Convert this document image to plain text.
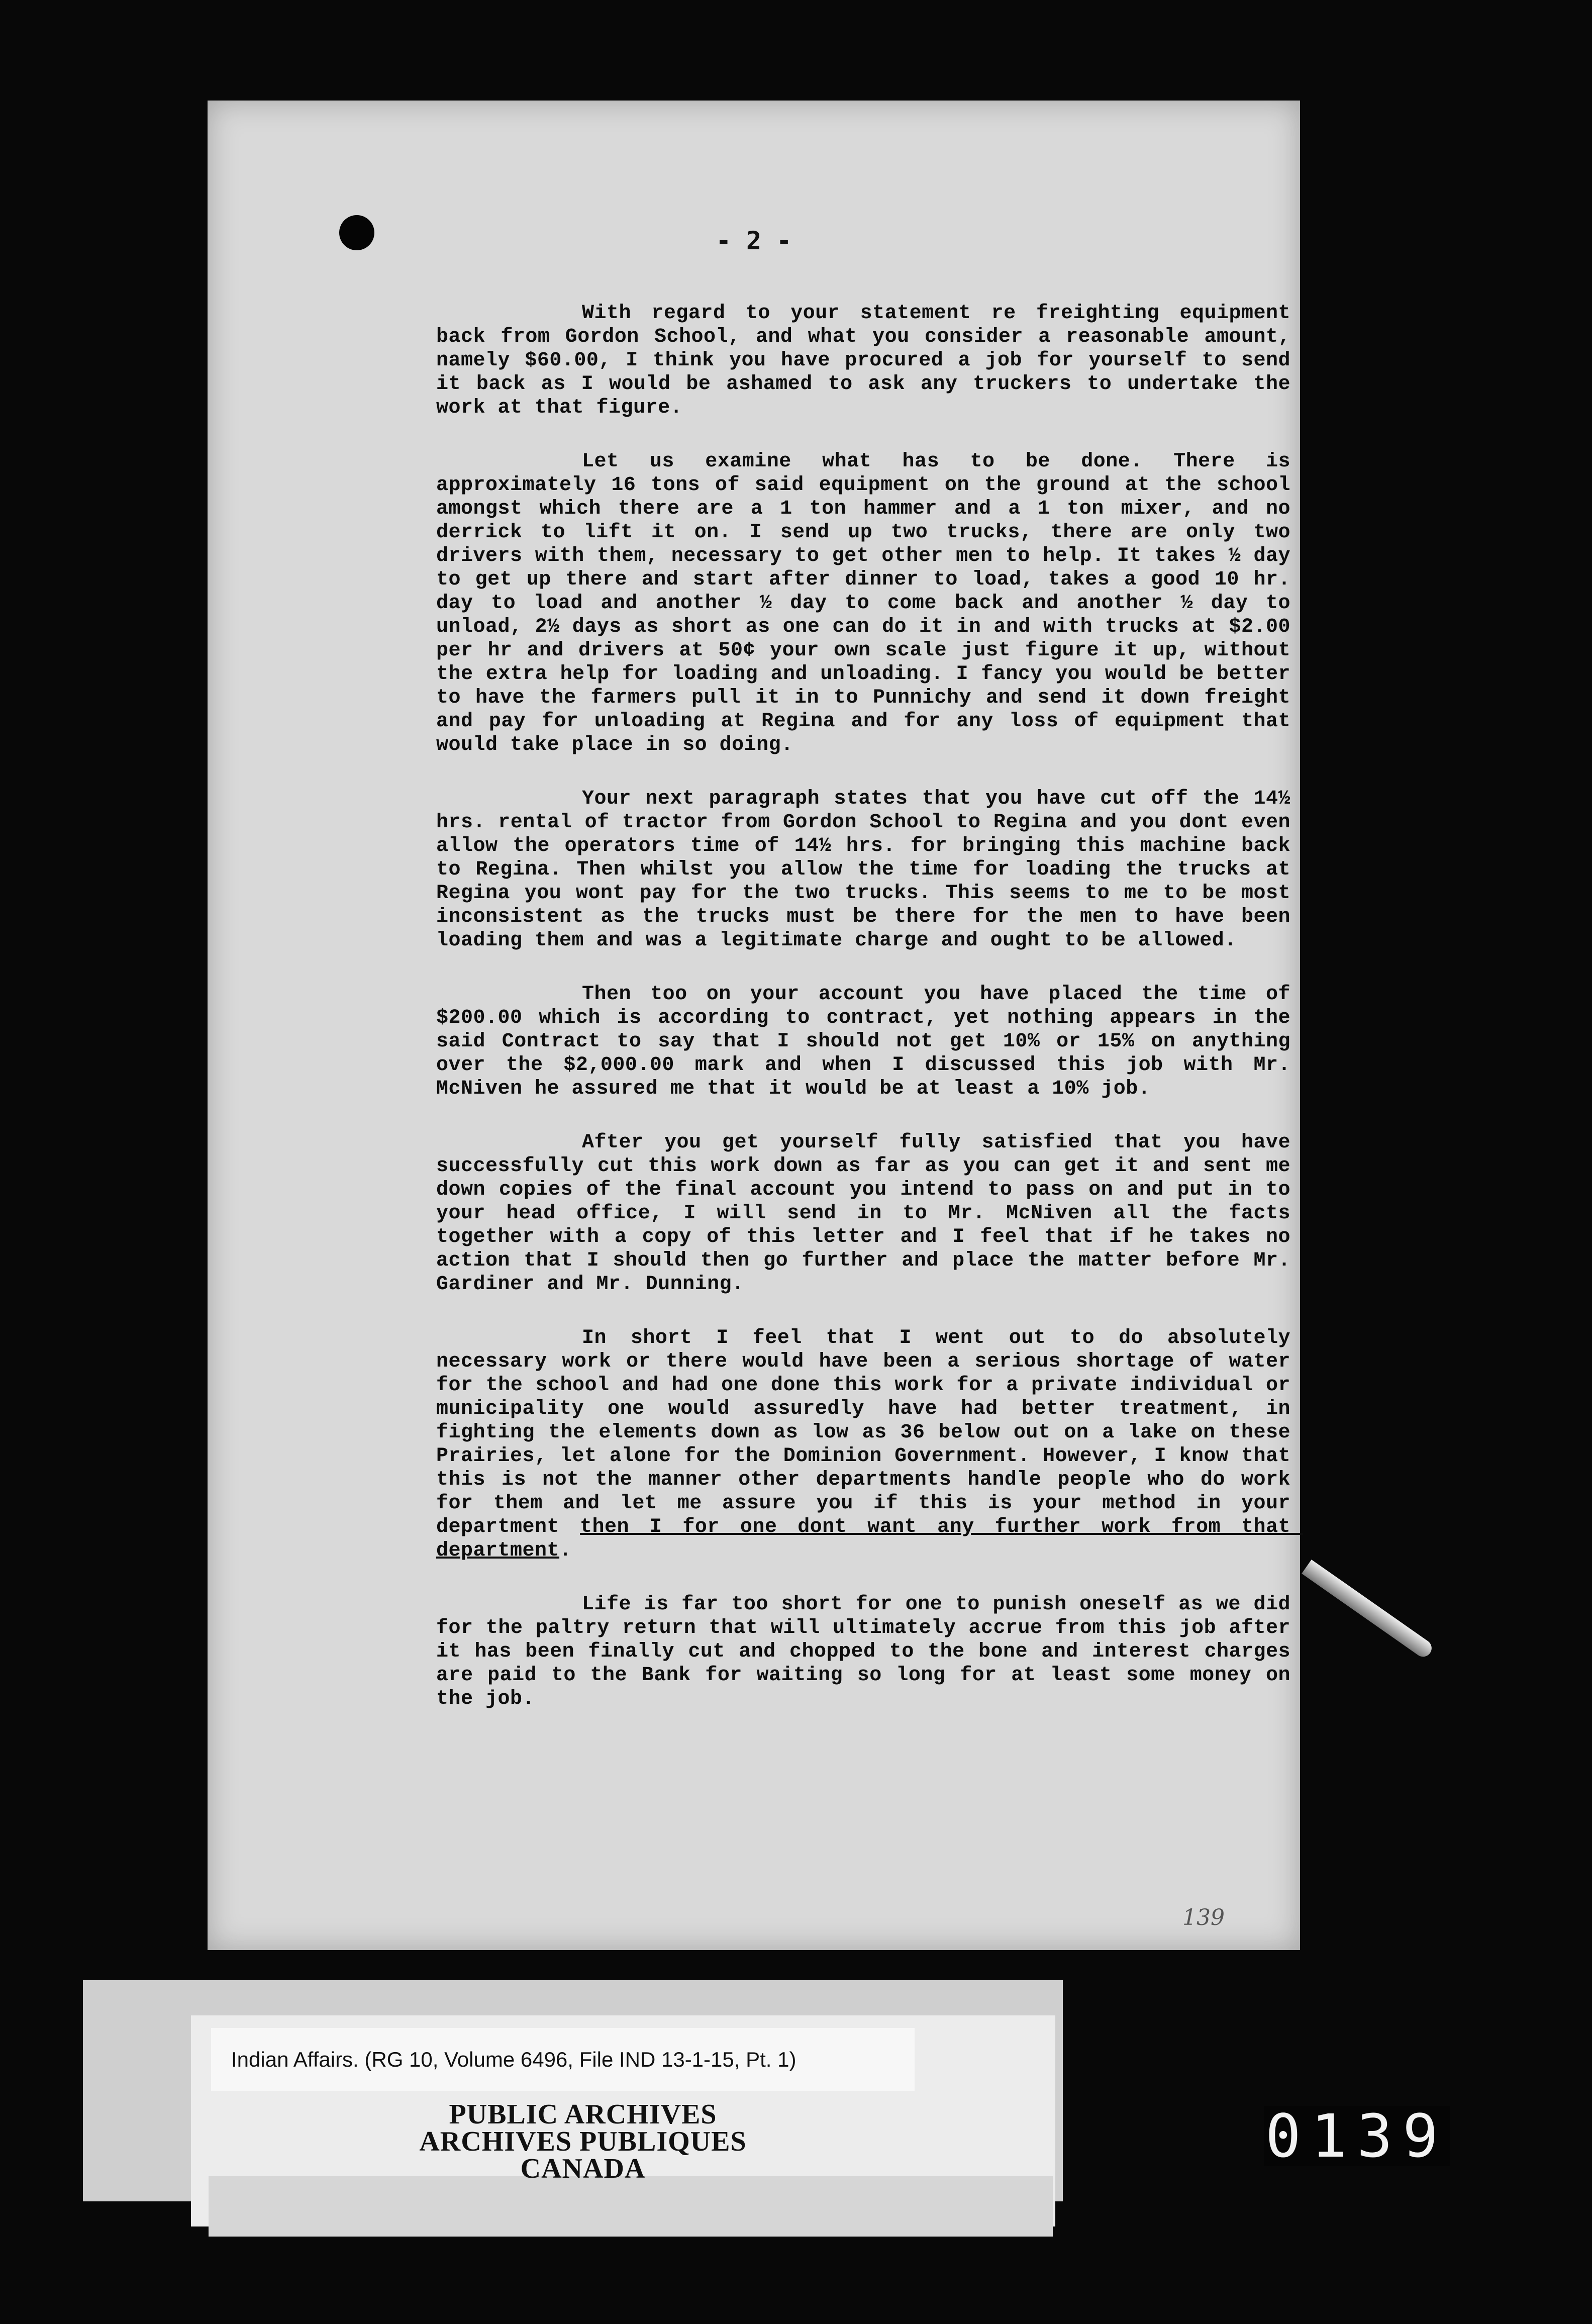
- 2 -

With regard to your statement re freighting equipment back from Gordon School, and what you consider a reasonable amount, namely $60.00, I think you have procured a job for yourself to send it back as I would be ashamed to ask any truckers to undertake the work at that figure.

Let us examine what has to be done. There is approximately 16 tons of said equipment on the ground at the school amongst which there are a 1 ton hammer and a 1 ton mixer, and no derrick to lift it on. I send up two trucks, there are only two drivers with them, necessary to get other men to help. It takes ½ day to get up there and start after dinner to load, takes a good 10 hr. day to load and another ½ day to come back and another ½ day to unload, 2½ days as short as one can do it in and with trucks at $2.00 per hr and drivers at 50¢ your own scale just figure it up, without the extra help for loading and unloading. I fancy you would be better to have the farmers pull it in to Punnichy and send it down freight and pay for unloading at Regina and for any loss of equipment that would take place in so doing.

Your next paragraph states that you have cut off the 14½ hrs. rental of tractor from Gordon School to Regina and you dont even allow the operators time of 14½ hrs. for bringing this machine back to Regina. Then whilst you allow the time for loading the trucks at Regina you wont pay for the two trucks. This seems to me to be most inconsistent as the trucks must be there for the men to have been loading them and was a legitimate charge and ought to be allowed.

Then too on your account you have placed the time of $200.00 which is according to contract, yet nothing appears in the said Contract to say that I should not get 10% or 15% on anything over the $2,000.00 mark and when I discussed this job with Mr. McNiven he assured me that it would be at least a 10% job.

After you get yourself fully satisfied that you have successfully cut this work down as far as you can get it and sent me down copies of the final account you intend to pass on and put in to your head office, I will send in to Mr. McNiven all the facts together with a copy of this letter and I feel that if he takes no action that I should then go further and place the matter before Mr. Gardiner and Mr. Dunning.

In short I feel that I went out to do absolutely necessary work or there would have been a serious shortage of water for the school and had one done this work for a private individual or municipality one would assuredly have had better treatment, in fighting the elements down as low as 36 below out on a lake on these Prairies, let alone for the Dominion Government. However, I know that this is not the manner other departments handle people who do work for them and let me assure you if this is your method in your department then I for one dont want any further work from that department.

Life is far too short for one to punish oneself as we did for the paltry return that will ultimately accrue from this job after it has been finally cut and chopped to the bone and interest charges are paid to the Bank for waiting so long for at least some money on the job.

139
Indian Affairs. (RG 10, Volume 6496, File IND 13-1-15, Pt. 1)
PUBLIC ARCHIVES
ARCHIVES PUBLIQUES
CANADA	0139
